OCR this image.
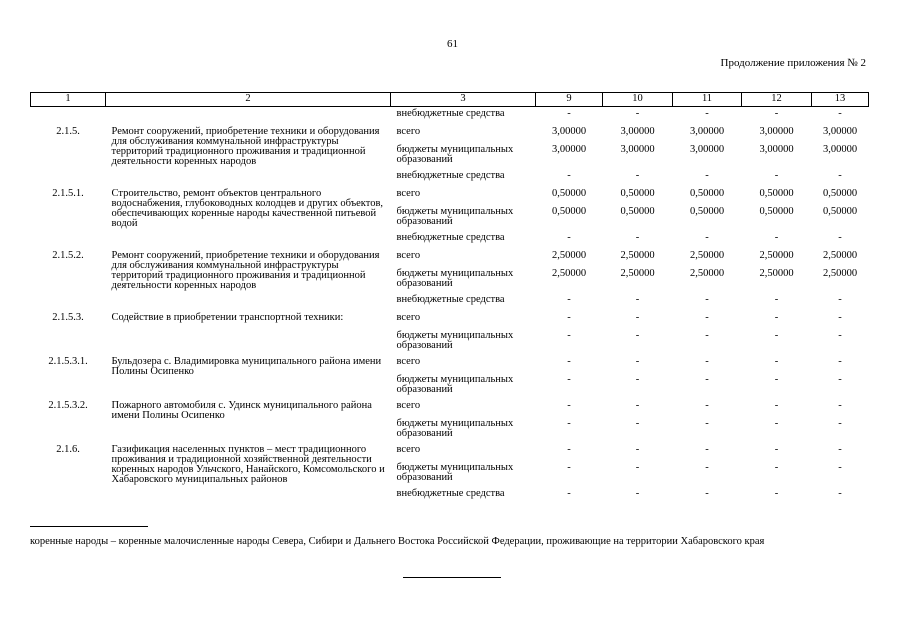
61
Продолжение приложения № 2
1	2	3	9	10	11	12	13
		внебюджетные средства	-	-	-	-	-
2.1.5.	Ремонт сооружений, приобретение техники и оборудования для обслуживания коммунальной инфраструктуры территорий традиционного проживания и традиционной деятельности коренных народов	всего	3,00000	3,00000	3,00000	3,00000	3,00000
		бюджеты муниципальных образований	3,00000	3,00000	3,00000	3,00000	3,00000
		внебюджетные средства	-	-	-	-	-
2.1.5.1.	Строительство, ремонт объектов центрального водоснабжения, глубоководных колодцев и других объектов, обеспечивающих коренные народы качественной питьевой водой	всего	0,50000	0,50000	0,50000	0,50000	0,50000
		бюджеты муниципальных образований	0,50000	0,50000	0,50000	0,50000	0,50000
		внебюджетные средства	-	-	-	-	-
2.1.5.2.	Ремонт сооружений, приобретение техники и оборудования для обслуживания коммунальной инфраструктуры территорий традиционного проживания и традиционной деятельности коренных народов	всего	2,50000	2,50000	2,50000	2,50000	2,50000
		бюджеты муниципальных образований	2,50000	2,50000	2,50000	2,50000	2,50000
		внебюджетные средства	-	-	-	-	-
2.1.5.3.	Содействие в приобретении транспортной техники:	всего	-	-	-	-	-
		бюджеты муниципальных образований	-	-	-	-	-
2.1.5.3.1.	Бульдозера с. Владимировка муниципального района имени Полины Осипенко	всего	-	-	-	-	-
		бюджеты муниципальных образований	-	-	-	-	-
2.1.5.3.2.	Пожарного автомобиля с. Удинск муниципального района имени Полины Осипенко	всего	-	-	-	-	-
		бюджеты муниципальных образований	-	-	-	-	-
2.1.6.	Газификация населенных пунктов – мест традиционного проживания и традиционной хозяйственной деятельности коренных народов Ульчского, Нанайского, Комсомольского и Хабаровского муниципальных районов	всего	-	-	-	-	-
		бюджеты муниципальных образований	-	-	-	-	-
		внебюджетные средства	-	-	-	-	-
коренные народы – коренные малочисленные народы Севера, Сибири и Дальнего Востока Российской Федерации, проживающие на территории Хабаровского края
